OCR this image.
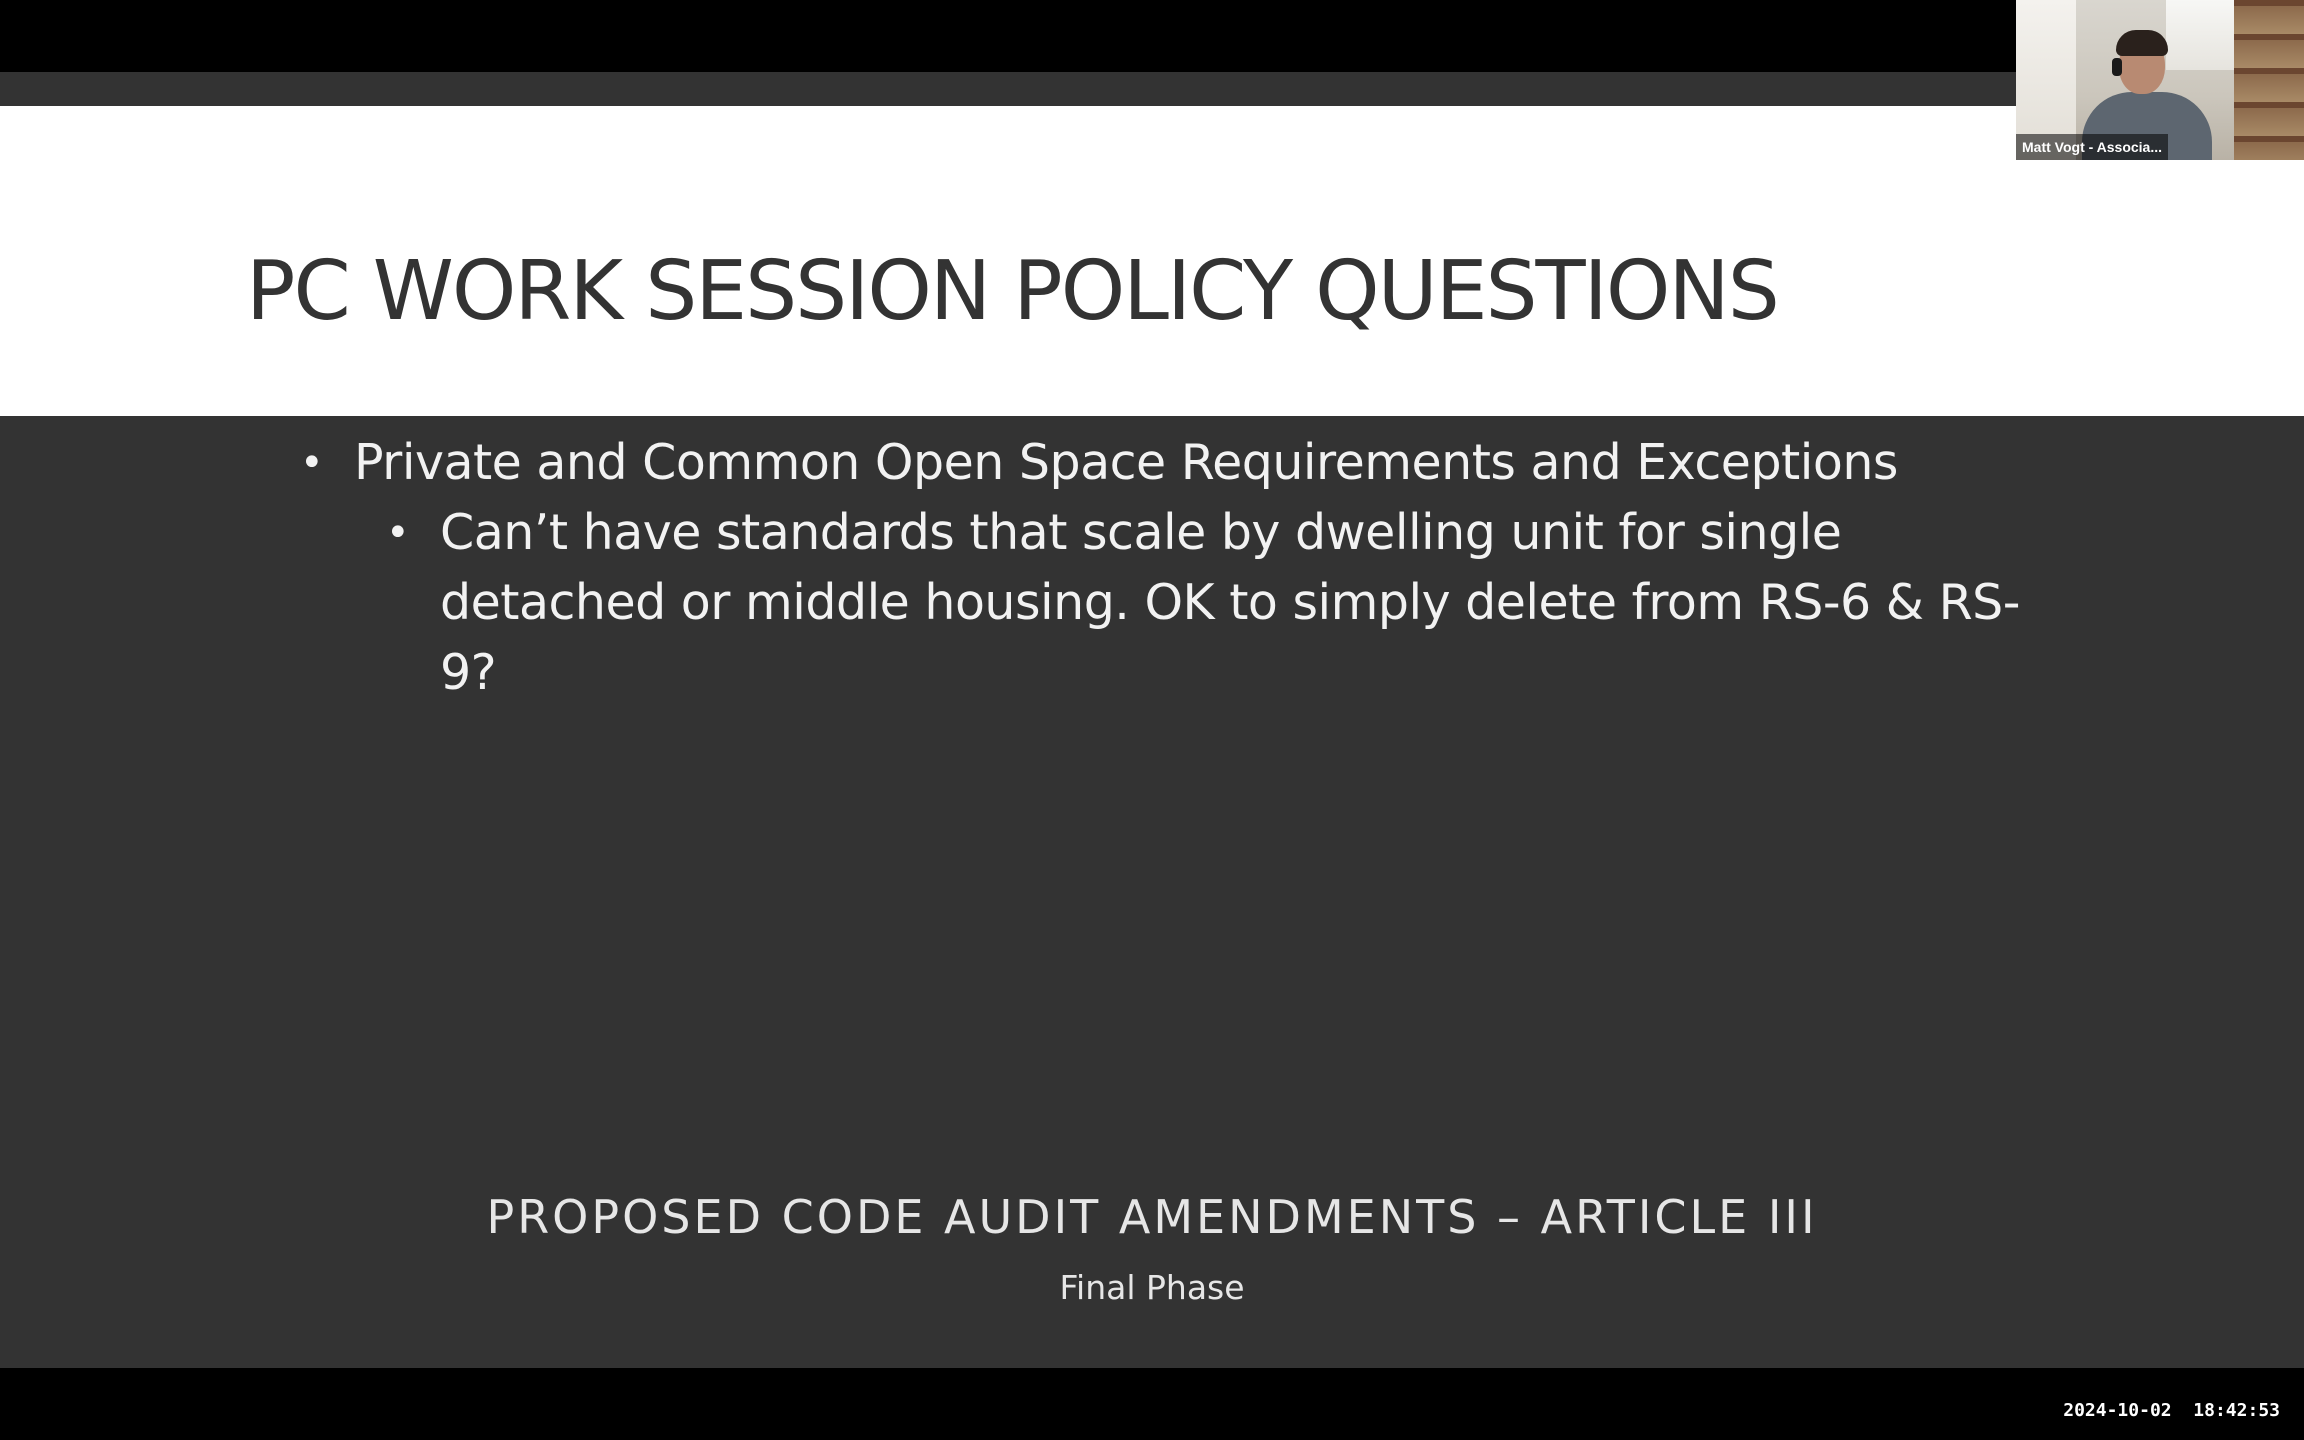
PC WORK SESSION POLICY QUESTIONS
• Private and Common Open Space Requirements and Exceptions
• Can’t have standards that scale by dwelling unit for single detached or middle housing. OK to simply delete from RS-6 & RS-9?
PROPOSED CODE AUDIT AMENDMENTS – ARTICLE III
Final Phase
Matt Vogt - Associa...
2024-10-02  18:42:53
